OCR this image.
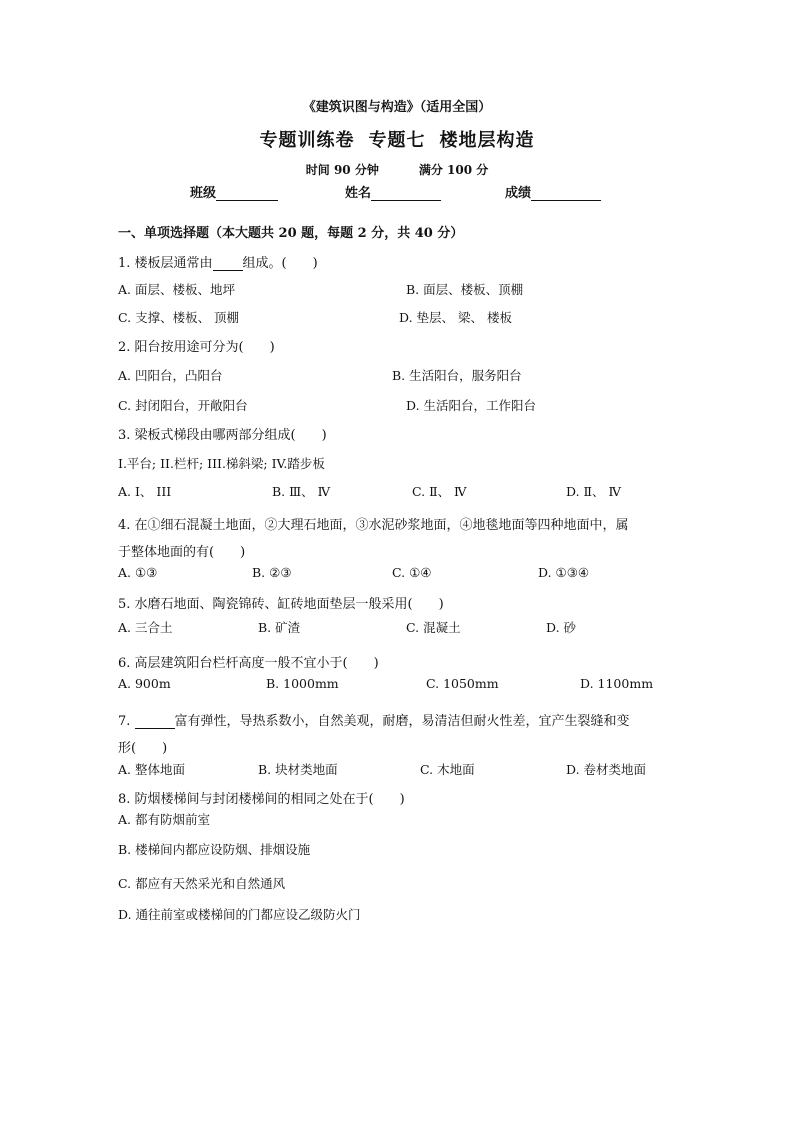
《建筑识图与构造》（适用全国）
专题训练卷 专题七 楼地层构造
时间 90 分钟	满分 100 分
班级	姓名	成绩
一、单项选择题（本大题共 20 题，每题 2 分，共 40 分）
1. 楼板层通常由 组成。(　　)
A. 面层、楼板、地坪	B. 面层、楼板、顶棚
C. 支撑、楼板、 顶棚	D. 垫层、 梁、 楼板
2. 阳台按用途可分为(　　)
A. 凹阳台，凸阳台	B. 生活阳台，服务阳台
C. 封闭阳台，开敞阳台	D. 生活阳台，工作阳台
3. 梁板式梯段由哪两部分组成(　　)
I.平台; II.栏杆; III.梯斜梁; IV.踏步板
A. I、 III	B. Ⅲ、 Ⅳ	C. Ⅱ、 Ⅳ	D. Ⅱ、 Ⅳ
4. 在①细石混凝土地面，②大理石地面，③水泥砂浆地面，④地毯地面等四种地面中，属
于整体地面的有(　　)
A. ①③	B. ②③	C. ①④	D. ①③④
5. 水磨石地面、陶瓷锦砖、缸砖地面垫层一般采用(　　)
A. 三合土	B. 矿渣	C. 混凝土	D. 砂
6. 高层建筑阳台栏杆高度一般不宜小于(　　)
A. 900m	B. 1000mm	C. 1050mm	D. 1100mm
7.	富有弹性，导热系数小，自然美观，耐磨，易清洁但耐火性差，宜产生裂缝和变
形(　　)
A. 整体地面	B. 块材类地面	C. 木地面	D. 卷材类地面
8. 防烟楼梯间与封闭楼梯间的相同之处在于(　　)
A. 都有防烟前室
B. 楼梯间内都应设防烟、排烟设施
C. 都应有天然采光和自然通风
D. 通往前室或楼梯间的门都应设乙级防火门
